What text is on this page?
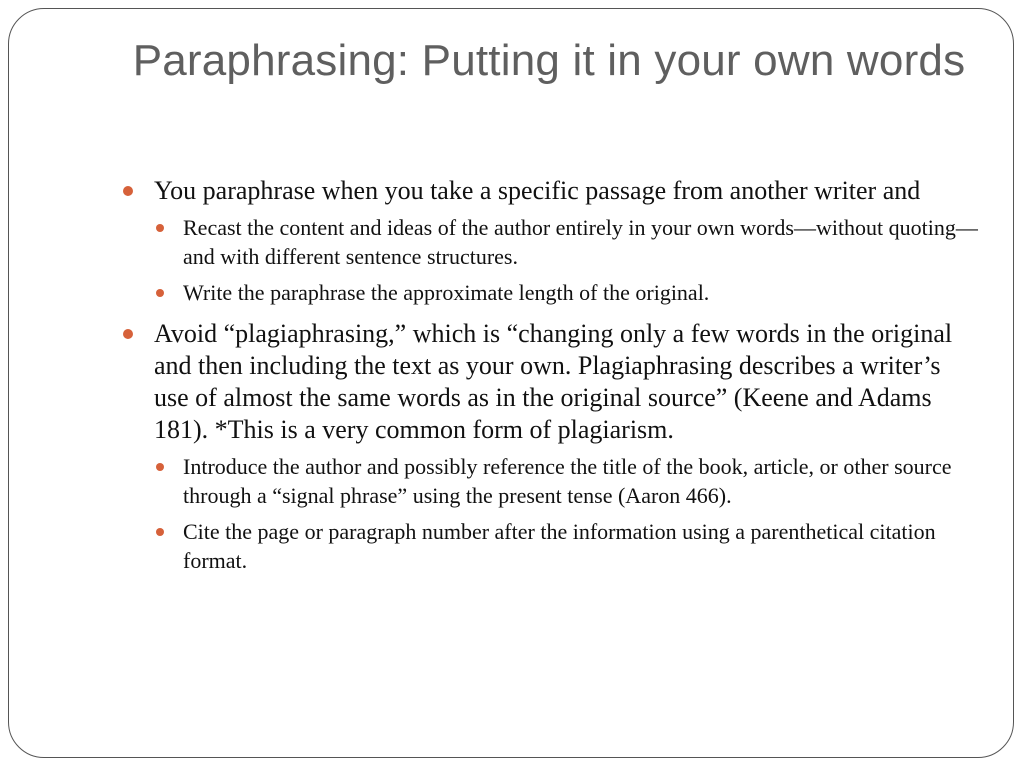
Paraphrasing: Putting it in your own words
You paraphrase when you take a specific passage from another writer and
Recast the content and ideas of the author entirely in your own words—without quoting—and with different sentence structures.
Write the paraphrase the approximate length of the original.
Avoid “plagiaphrasing,” which is “changing only a few words in the original and then including the text as your own. Plagiaphrasing describes a writer’s use of almost the same words as in the original source” (Keene and Adams 181). *This is a very common form of plagiarism.
Introduce the author and possibly reference the title of the book, article, or other source through a “signal phrase” using the present tense (Aaron 466).
Cite the page or paragraph number after the information using a parenthetical citation format.
